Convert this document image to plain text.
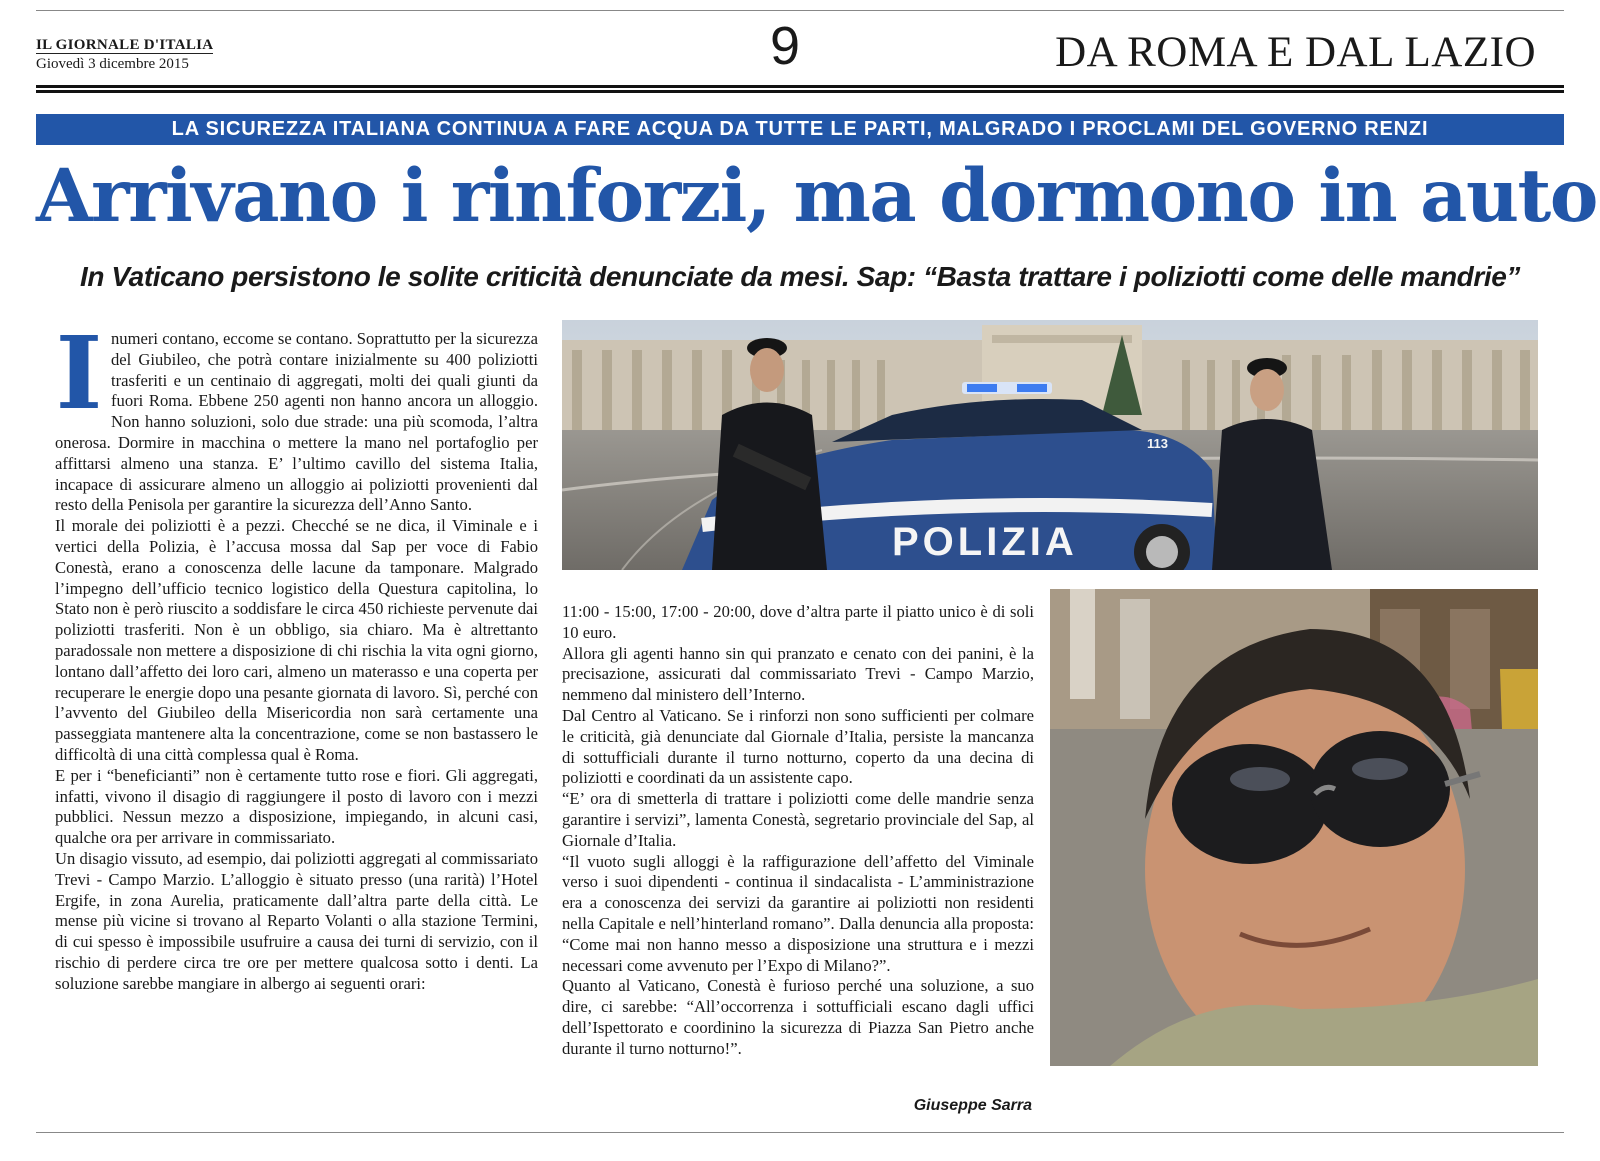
IL GIORNALE D'ITALIA
Giovedì 3 dicembre 2015	9	DA ROMA E DAL LAZIO
LA SICUREZZA ITALIANA CONTINUA A FARE ACQUA DA TUTTE LE PARTI, MALGRADO I PROCLAMI DEL GOVERNO RENZI
Arrivano i rinforzi, ma dormono in auto
In Vaticano persistono le solite criticità denunciate da mesi. Sap: “Basta trattare i poliziotti come delle mandrie”
I numeri contano, eccome se contano. Soprattutto per la sicurezza del Giubileo, che potrà contare inizialmente su 400 poliziotti trasferiti e un centinaio di aggregati, molti dei quali giunti da fuori Roma. Ebbene 250 agenti non hanno ancora un alloggio. Non hanno soluzioni, solo due strade: una più scomoda, l’altra onerosa. Dormire in macchina o mettere la mano nel portafoglio per affittarsi almeno una stanza. E’ l’ultimo cavillo del sistema Italia, incapace di assicurare almeno un alloggio ai poliziotti provenienti dal resto della Penisola per garantire la sicurezza dell’Anno Santo.

Il morale dei poliziotti è a pezzi. Checché se ne dica, il Viminale e i vertici della Polizia, è l’accusa mossa dal Sap per voce di Fabio Conestà, erano a conoscenza delle lacune da tamponare. Malgrado l’impegno dell’ufficio tecnico logistico della Questura capitolina, lo Stato non è però riuscito a soddisfare le circa 450 richieste pervenute dai poliziotti trasferiti. Non è un obbligo, sia chiaro. Ma è altrettanto paradossale non mettere a disposizione di chi rischia la vita ogni giorno, lontano dall’affetto dei loro cari, almeno un materasso e una coperta per recuperare le energie dopo una pesante giornata di lavoro. Sì, perché con l’avvento del Giubileo della Misericordia non sarà certamente una passeggiata mantenere alta la concentrazione, come se non bastassero le difficoltà di una città complessa qual è Roma.

E per i “beneficianti” non è certamente tutto rose e fiori. Gli aggregati, infatti, vivono il disagio di raggiungere il posto di lavoro con i mezzi pubblici. Nessun mezzo a disposizione, impiegando, in alcuni casi, qualche ora per arrivare in commissariato.

Un disagio vissuto, ad esempio, dai poliziotti aggregati al commissariato Trevi - Campo Marzio. L’alloggio è situato presso (una rarità) l’Hotel Ergife, in zona Aurelia, praticamente dall’altra parte della città. Le mense più vicine si trovano al Reparto Volanti o alla stazione Termini, di cui spesso è impossibile usufruire a causa dei turni di servizio, con il rischio di perdere circa tre ore per mettere qualcosa sotto i denti. La soluzione sarebbe mangiare in albergo ai seguenti orari:

POLIZIA
113

11:00 - 15:00, 17:00 - 20:00, dove d’altra parte il piatto unico è di soli 10 euro.

Allora gli agenti hanno sin qui pranzato e cenato con dei panini, è la precisazione, assicurati dal commissariato Trevi - Campo Marzio, nemmeno dal ministero dell’Interno.

Dal Centro al Vaticano. Se i rinforzi non sono sufficienti per colmare le criticità, già denunciate dal Giornale d’Italia, persiste la mancanza di sottufficiali durante il turno notturno, coperto da una decina di poliziotti e coordinati da un assistente capo.

“E’ ora di smetterla di trattare i poliziotti come delle mandrie senza garantire i servizi”, lamenta Conestà, segretario provinciale del Sap, al Giornale d’Italia.

“Il vuoto sugli alloggi è la raffigurazione dell’affetto del Viminale verso i suoi dipendenti - continua il sindacalista - L’amministrazione era a conoscenza dei servizi da garantire ai poliziotti non residenti nella Capitale e nell’hinterland romano”. Dalla denuncia alla proposta: “Come mai non hanno messo a disposizione una struttura e i mezzi necessari come avvenuto per l’Expo di Milano?”.

Quanto al Vaticano, Conestà è furioso perché una soluzione, a suo dire, ci sarebbe: “All’occorrenza i sottufficiali escano dagli uffici dell’Ispettorato e coordinino la sicurezza di Piazza San Pietro anche durante il turno notturno!”.

Giuseppe Sarra
